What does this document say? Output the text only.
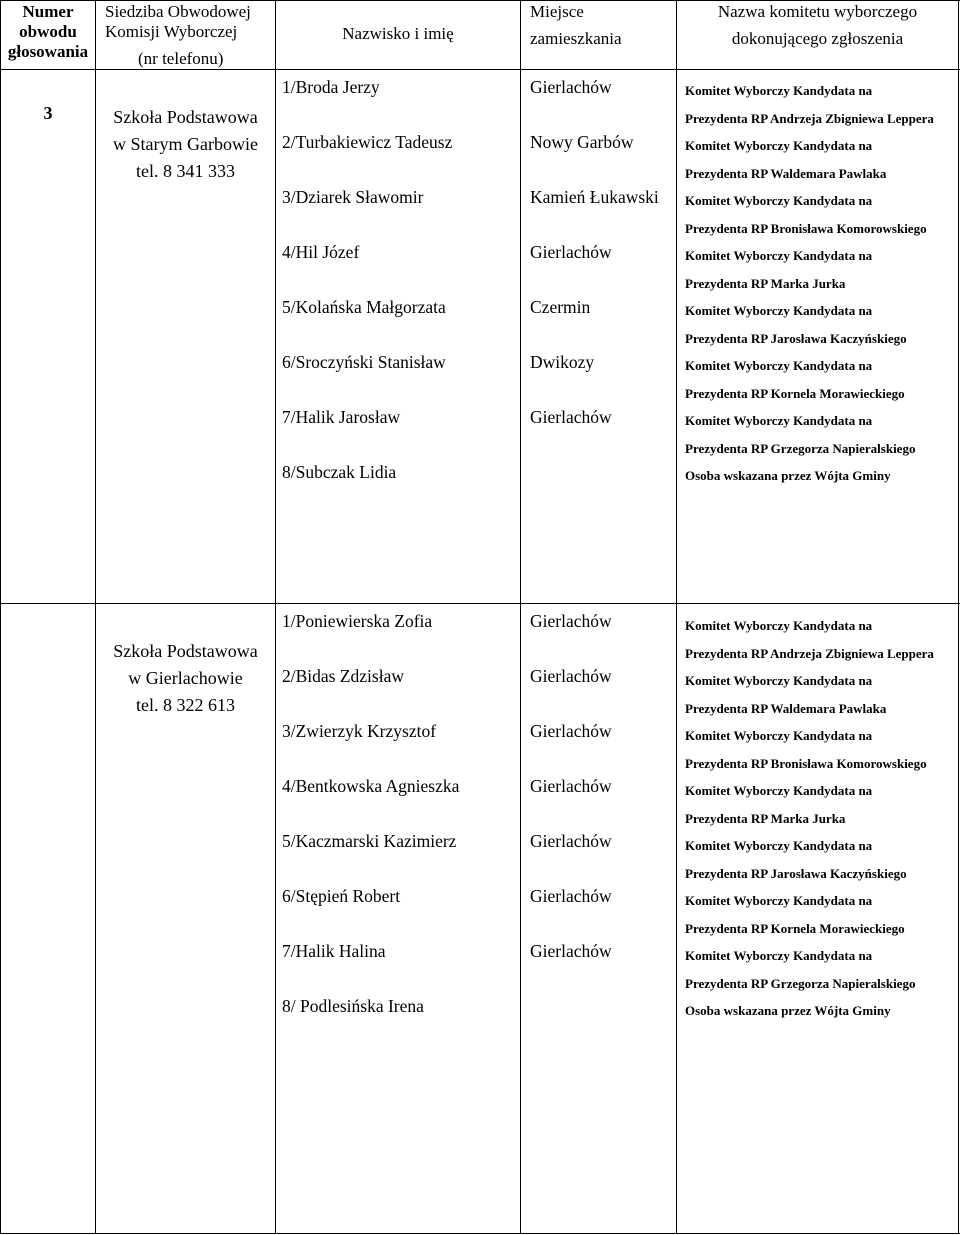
Numer
obwodu
głosowania
Siedziba Obwodowej
Komisji Wyborczej
(nr telefonu)
Nazwisko i imię
Miejsce
zamieszkania
Nazwa komitetu wyborczego
dokonującego zgłoszenia
3	Szkoła Podstawowa
w Starym Garbowie
tel. 8 341 333
1/Broda Jerzy
2/Turbakiewicz Tadeusz
3/Dziarek Sławomir
4/Hil Józef
5/Kolańska Małgorzata
6/Sroczyński Stanisław
7/Halik Jarosław
8/Subczak Lidia
Gierlachów
Nowy Garbów
Kamień Łukawski
Gierlachów
Czermin
Dwikozy
Gierlachów
Komitet Wyborczy Kandydata na
Prezydenta RP Andrzeja Zbigniewa Leppera
Komitet Wyborczy Kandydata na
Prezydenta RP Waldemara Pawlaka
Komitet Wyborczy Kandydata na
Prezydenta RP Bronisława Komorowskiego
Komitet Wyborczy Kandydata na
Prezydenta RP Marka Jurka
Komitet Wyborczy Kandydata na
Prezydenta RP Jarosława Kaczyńskiego
Komitet Wyborczy Kandydata na
Prezydenta RP Kornela Morawieckiego
Komitet Wyborczy Kandydata na
Prezydenta RP Grzegorza Napieralskiego
Osoba wskazana przez Wójta Gminy
Szkoła Podstawowa
w Gierlachowie
tel. 8 322 613
1/Poniewierska Zofia
2/Bidas Zdzisław
3/Zwierzyk Krzysztof
4/Bentkowska Agnieszka
5/Kaczmarski Kazimierz
6/Stępień Robert
7/Halik Halina
8/ Podlesińska Irena
Gierlachów
Gierlachów
Gierlachów
Gierlachów
Gierlachów
Gierlachów
Gierlachów
Komitet Wyborczy Kandydata na
Prezydenta RP Andrzeja Zbigniewa Leppera
Komitet Wyborczy Kandydata na
Prezydenta RP Waldemara Pawlaka
Komitet Wyborczy Kandydata na
Prezydenta RP Bronisława Komorowskiego
Komitet Wyborczy Kandydata na
Prezydenta RP Marka Jurka
Komitet Wyborczy Kandydata na
Prezydenta RP Jarosława Kaczyńskiego
Komitet Wyborczy Kandydata na
Prezydenta RP Kornela Morawieckiego
Komitet Wyborczy Kandydata na
Prezydenta RP Grzegorza Napieralskiego
Osoba wskazana przez Wójta Gminy
